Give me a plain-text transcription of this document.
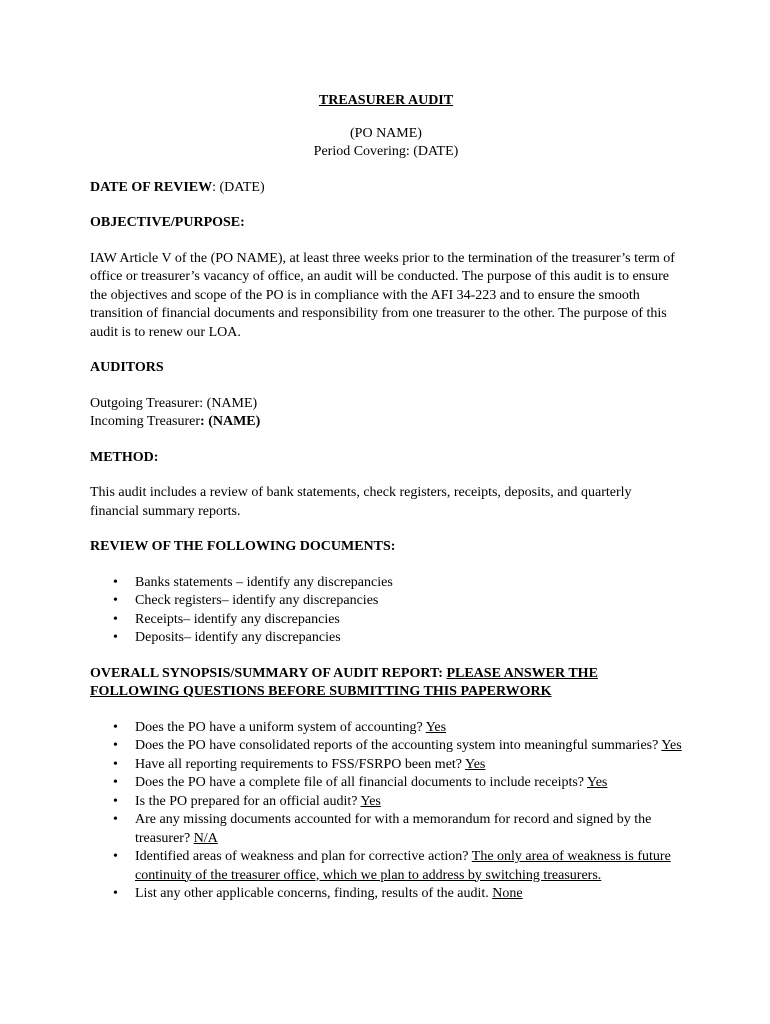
TREASURER AUDIT

(PO NAME)

Period Covering: (DATE)

DATE OF REVIEW: (DATE)

OBJECTIVE/PURPOSE:

IAW Article V of the (PO NAME), at least three weeks prior to the termination of the treasurer’s term of office or treasurer’s vacancy of office, an audit will be conducted. The purpose of this audit is to ensure the objectives and scope of the PO is in compliance with the AFI 34-223 and to ensure the smooth transition of financial documents and responsibility from one treasurer to the other. The purpose of this audit is to renew our LOA.

AUDITORS

Outgoing Treasurer: (NAME)

Incoming Treasurer: (NAME)

METHOD:

This audit includes a review of bank statements, check registers, receipts, deposits, and quarterly financial summary reports.

REVIEW OF THE FOLLOWING DOCUMENTS:

• Banks statements – identify any discrepancies
• Check registers– identify any discrepancies
• Receipts– identify any discrepancies
• Deposits– identify any discrepancies

OVERALL SYNOPSIS/SUMMARY OF AUDIT REPORT: PLEASE ANSWER THE FOLLOWING QUESTIONS BEFORE SUBMITTING THIS PAPERWORK

• Does the PO have a uniform system of accounting? Yes
• Does the PO have consolidated reports of the accounting system into meaningful summaries? Yes
• Have all reporting requirements to FSS/FSRPO been met? Yes
• Does the PO have a complete file of all financial documents to include receipts? Yes
• Is the PO prepared for an official audit? Yes
• Are any missing documents accounted for with a memorandum for record and signed by the treasurer? N/A
• Identified areas of weakness and plan for corrective action? The only area of weakness is future continuity of the treasurer office, which we plan to address by switching treasurers.
• List any other applicable concerns, finding, results of the audit. None
